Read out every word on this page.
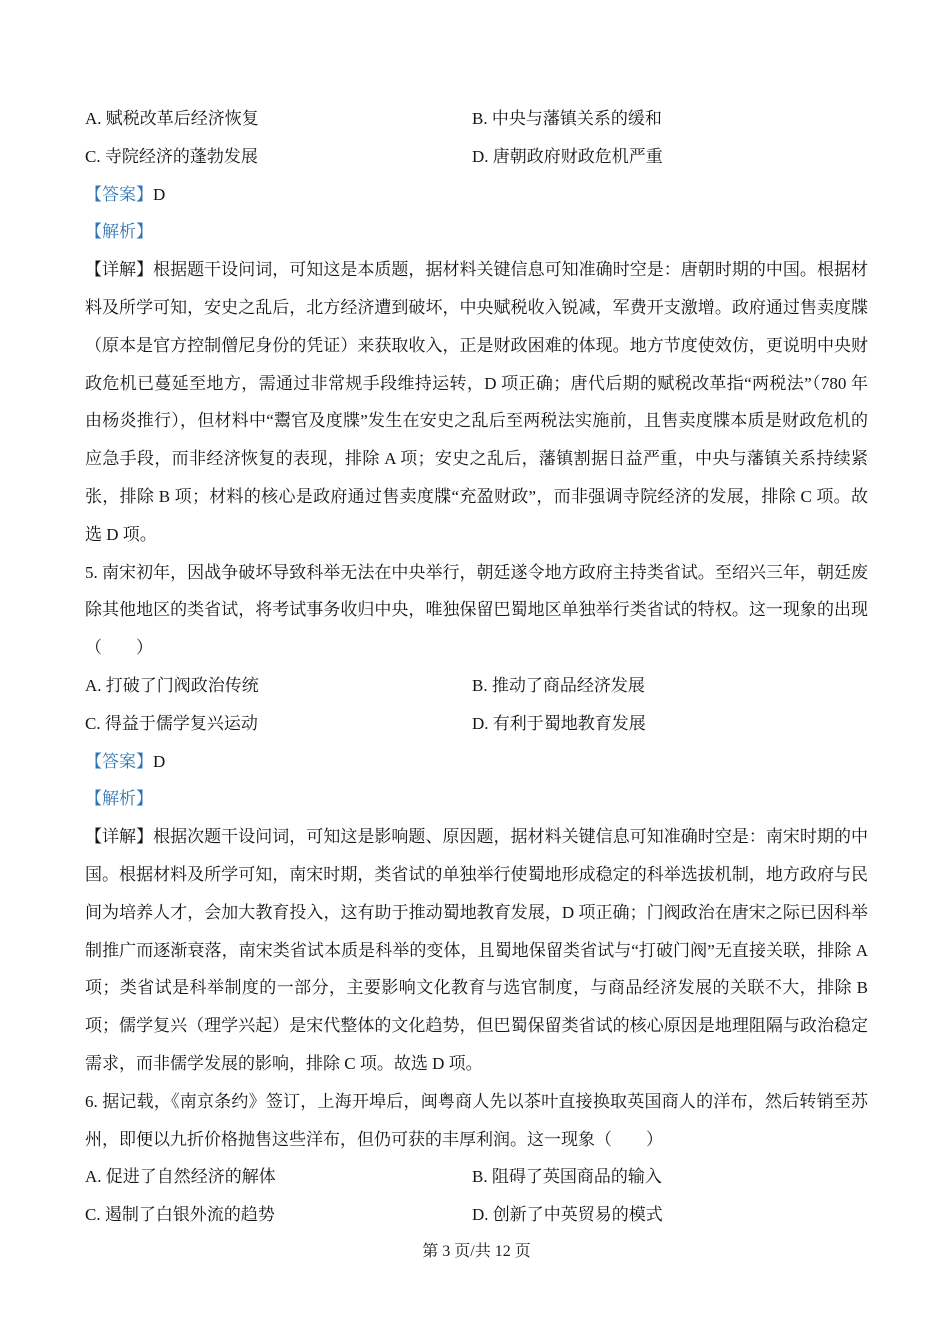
A. 赋税改革后经济恢复	B. 中央与藩镇关系的缓和
C. 寺院经济的蓬勃发展	D. 唐朝政府财政危机严重
【答案】D
【解析】

【详解】根据题干设问词，可知这是本质题，据材料关键信息可知准确时空是：唐朝时期的中国。根据材料及所学可知，安史之乱后，北方经济遭到破坏，中央赋税收入锐减，军费开支激增。政府通过售卖度牒（原本是官方控制僧尼身份的凭证）来获取收入，正是财政困难的体现。地方节度使效仿，更说明中央财政危机已蔓延至地方，需通过非常规手段维持运转，D 项正确；唐代后期的赋税改革指“两税法”（780 年由杨炎推行），但材料中“鬻官及度牒”发生在安史之乱后至两税法实施前，且售卖度牒本质是财政危机的应急手段，而非经济恢复的表现，排除 A 项；安史之乱后，藩镇割据日益严重，中央与藩镇关系持续紧张，排除 B 项；材料的核心是政府通过售卖度牒“充盈财政”，而非强调寺院经济的发展，排除 C 项。故选 D 项。

5. 南宋初年，因战争破坏导致科举无法在中央举行，朝廷遂令地方政府主持类省试。至绍兴三年，朝廷废除其他地区的类省试，将考试事务收归中央，唯独保留巴蜀地区单独举行类省试的特权。这一现象的出现（　　）

A. 打破了门阀政治传统	B. 推动了商品经济发展
C. 得益于儒学复兴运动	D. 有利于蜀地教育发展
【答案】D
【解析】

【详解】根据次题干设问词，可知这是影响题、原因题，据材料关键信息可知准确时空是：南宋时期的中国。根据材料及所学可知，南宋时期，类省试的单独举行使蜀地形成稳定的科举选拔机制，地方政府与民间为培养人才，会加大教育投入，这有助于推动蜀地教育发展，D 项正确；门阀政治在唐宋之际已因科举制推广而逐渐衰落，南宋类省试本质是科举的变体，且蜀地保留类省试与“打破门阀”无直接关联，排除 A 项；类省试是科举制度的一部分，主要影响文化教育与选官制度，与商品经济发展的关联不大，排除 B 项；儒学复兴（理学兴起）是宋代整体的文化趋势，但巴蜀保留类省试的核心原因是地理阻隔与政治稳定需求，而非儒学发展的影响，排除 C 项。故选 D 项。

6. 据记载，《南京条约》签订，上海开埠后，闽粤商人先以茶叶直接换取英国商人的洋布，然后转销至苏州，即便以九折价格抛售这些洋布，但仍可获的丰厚利润。这一现象（　　）

A. 促进了自然经济的解体	B. 阻碍了英国商品的输入
C. 遏制了白银外流的趋势	D. 创新了中英贸易的模式
第 3 页/共 12 页
